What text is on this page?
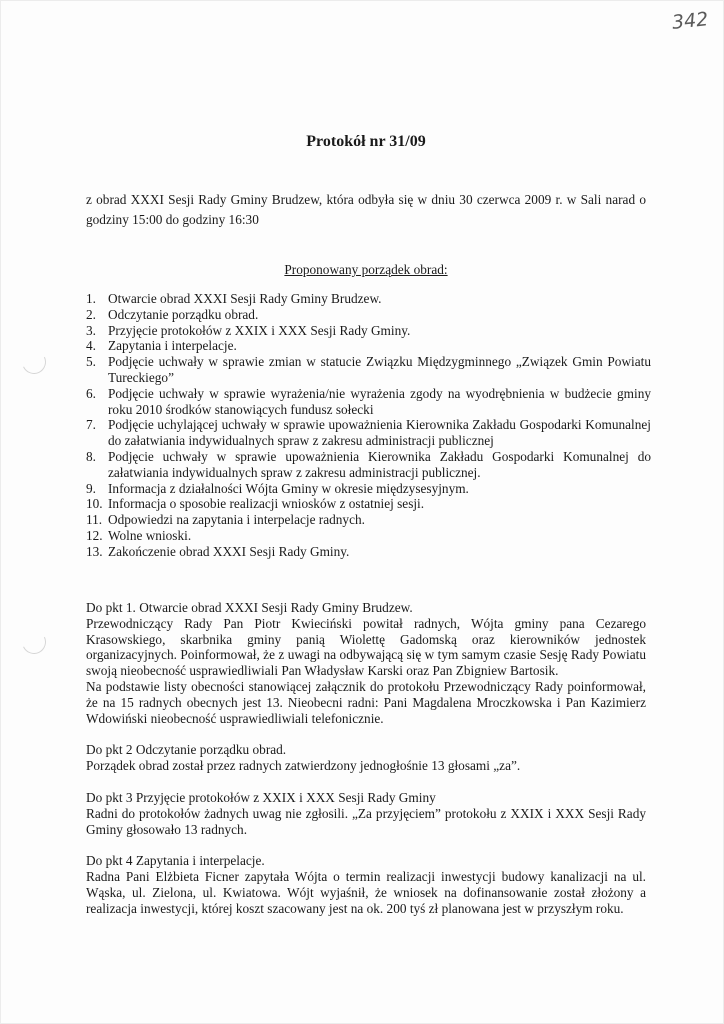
342
Protokół nr 31/09
z obrad XXXI Sesji Rady Gminy Brudzew, która odbyła się w dniu 30 czerwca 2009 r. w Sali narad o godziny 15:00 do godziny 16:30
Proponowany porządek obrad:
1. Otwarcie obrad XXXI Sesji Rady Gminy Brudzew.
2. Odczytanie porządku obrad.
3. Przyjęcie protokołów z XXIX i XXX Sesji Rady Gminy.
4. Zapytania i interpelacje.
5. Podjęcie uchwały w sprawie zmian w statucie Związku Międzygminnego „Związek Gmin Powiatu Tureckiego”
6. Podjęcie uchwały w sprawie wyrażenia/nie wyrażenia zgody na wyodrębnienia w budżecie gminy roku 2010 środków stanowiących fundusz sołecki
7. Podjęcie uchylającej uchwały w sprawie upoważnienia Kierownika Zakładu Gospodarki Komunalnej do załatwiania indywidualnych spraw z zakresu administracji publicznej
8. Podjęcie uchwały w sprawie upoważnienia Kierownika Zakładu Gospodarki Komunalnej do załatwiania indywidualnych spraw z zakresu administracji publicznej.
9. Informacja z działalności Wójta Gminy w okresie międzysesyjnym.
10. Informacja o sposobie realizacji wniosków z ostatniej sesji.
11. Odpowiedzi na zapytania i interpelacje radnych.
12. Wolne wnioski.
13. Zakończenie obrad XXXI Sesji Rady Gminy.

Do pkt 1. Otwarcie obrad XXXI Sesji Rady Gminy Brudzew.

Przewodniczący Rady Pan Piotr Kwieciński powitał radnych, Wójta gminy pana Cezarego Krasowskiego, skarbnika gminy panią Wiolettę Gadomską oraz kierowników jednostek organizacyjnych. Poinformował, że z uwagi na odbywającą się w tym samym czasie Sesję Rady Powiatu swoją nieobecność usprawiedliwiali Pan Władysław Karski oraz Pan Zbigniew Bartosik.

Na podstawie listy obecności stanowiącej załącznik do protokołu Przewodniczący Rady poinformował, że na 15 radnych obecnych jest 13. Nieobecni radni: Pani Magdalena Mroczkowska i Pan Kazimierz Wdowiński nieobecność usprawiedliwiali telefonicznie.

Do pkt 2 Odczytanie porządku obrad.

Porządek obrad został przez radnych zatwierdzony jednogłośnie 13 głosami „za”.

Do pkt 3 Przyjęcie protokołów z XXIX i XXX Sesji Rady Gminy

Radni do protokołów żadnych uwag nie zgłosili. „Za przyjęciem” protokołu z XXIX i XXX Sesji Rady Gminy głosowało 13 radnych.

Do pkt 4 Zapytania i interpelacje.

Radna Pani Elżbieta Ficner zapytała Wójta o termin realizacji inwestycji budowy kanalizacji na ul. Wąska, ul. Zielona, ul. Kwiatowa. Wójt wyjaśnił, że wniosek na dofinansowanie został złożony a realizacja inwestycji, której koszt szacowany jest na ok. 200 tyś zł planowana jest w przyszłym roku.
